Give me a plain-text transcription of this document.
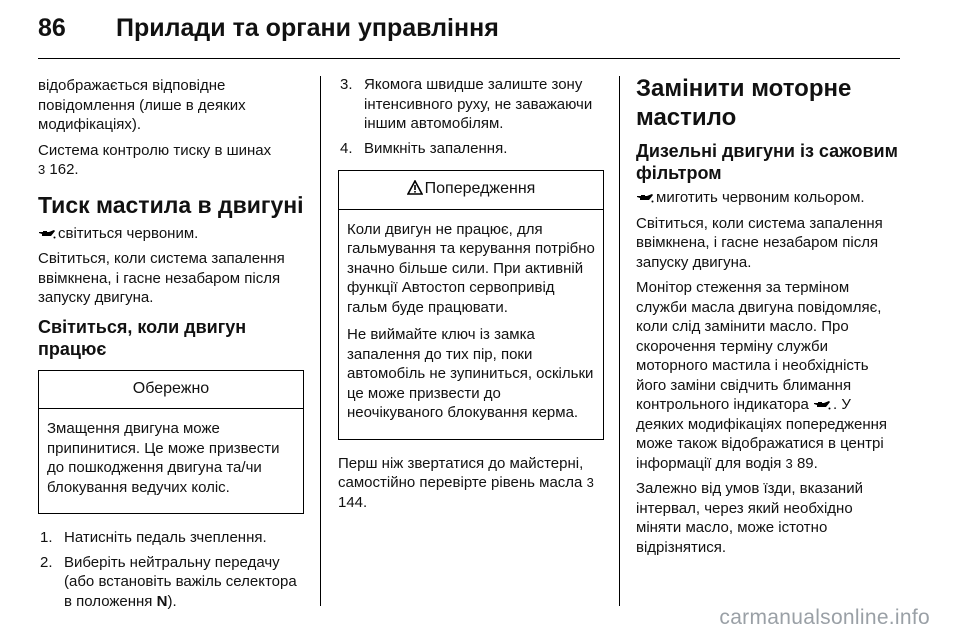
86 Прилади та органи управління

відображається відповідне повідомлення (лише в деяких модифікаціях).

Система контролю тиску в шинах
3 162.

Тиск мастила в двигуні

світиться червоним.

Світиться, коли система запалення ввімкнена, і гасне незабаром після запуску двигуна.

Світиться, коли двигун працює
Обережно

Змащення двигуна може припинитися. Це може призвести до пошкодження двигуна та/чи блокування ведучих коліс.

1. Натисніть педаль зчеплення.
2. Виберіть нейтральну передачу (або встановіть важіль селектора в положення N).
3. Якомога швидше залиште зону інтенсивного руху, не заважаючи іншим автомобілям.
4. Вимкніть запалення.
Попередження

Коли двигун не працює, для гальмування та керування потрібно значно більше сили. При активній функції Автостоп сервопривід гальм буде працювати.

Не виймайте ключ із замка запалення до тих пір, поки автомобіль не зупиниться, оскільки це може призвести до неочікуваного блокування керма.

Перш ніж звертатися до майстерні, самостійно перевірте рівень масла 3 144.

Замінити моторне мастило
Дизельні двигуни із сажовим фільтром

миготить червоним кольором.

Світиться, коли система запалення ввімкнена, і гасне незабаром після запуску двигуна.

Монітор стеження за терміном служби масла двигуна повідомляє, коли слід замінити масло. Про скорочення терміну служби моторного мастила і необхідність його заміни свідчить блимання контрольного індикатора . У деяких модифікаціях попередження може також відображатися в центрі інформації для водія 3 89.

Залежно від умов їзди, вказаний інтервал, через який необхідно міняти масло, може істотно відрізнятися.

carmanualsonline.info
